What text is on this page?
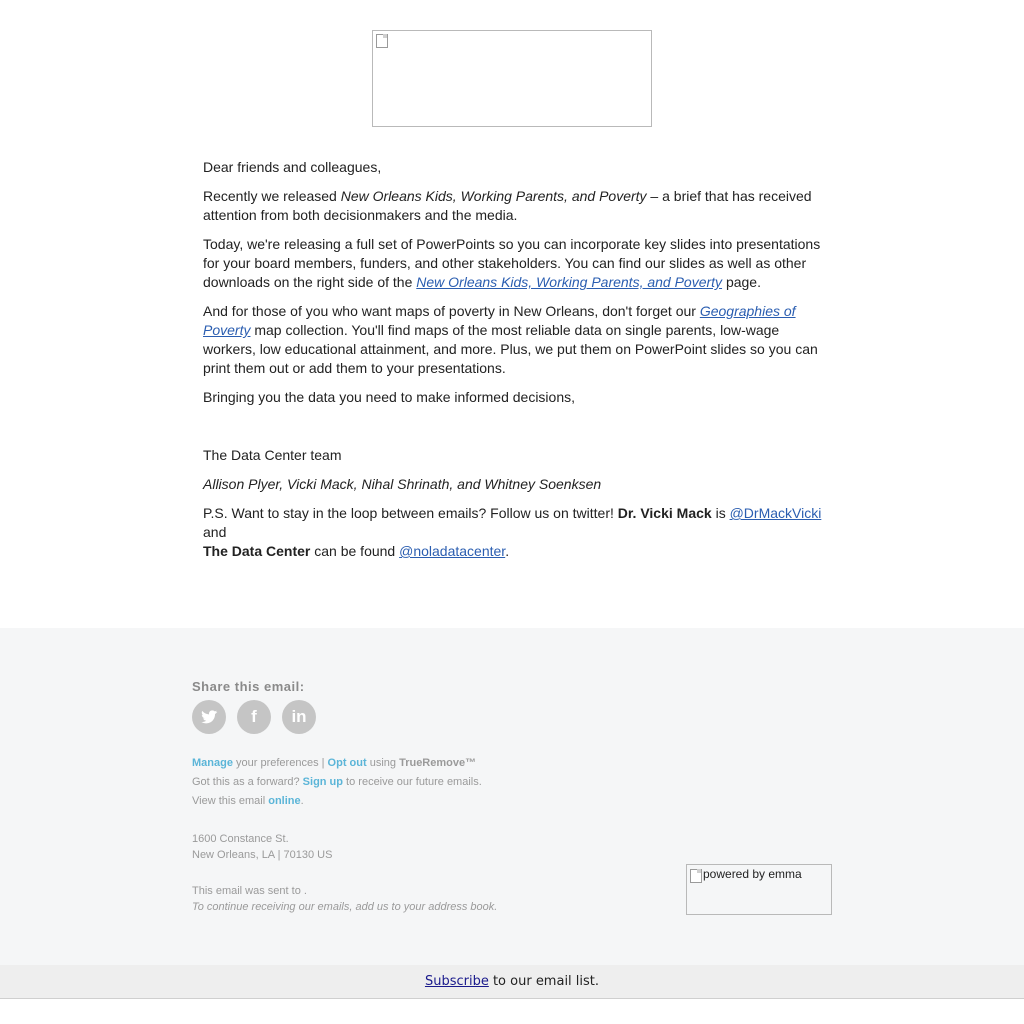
Dear friends and colleagues,

Recently we released New Orleans Kids, Working Parents, and Poverty – a brief that has received attention from both decisionmakers and the media.

Today, we're releasing a full set of PowerPoints so you can incorporate key slides into presentations for your board members, funders, and other stakeholders. You can find our slides as well as other downloads on the right side of the New Orleans Kids, Working Parents, and Poverty page.

And for those of you who want maps of poverty in New Orleans, don't forget our Geographies of Poverty map collection. You'll find maps of the most reliable data on single parents, low-wage workers, low educational attainment, and more. Plus, we put them on PowerPoint slides so you can print them out or add them to your presentations.

Bringing you the data you need to make informed decisions,

The Data Center team

Allison Plyer, Vicki Mack, Nihal Shrinath, and Whitney Soenksen

P.S. Want to stay in the loop between emails? Follow us on twitter! Dr. Vicki Mack is @DrMackVicki and
The Data Center can be found @noladatacenter.

Share this email:
f in
Manage your preferences | Opt out using TrueRemove™
Got this as a forward? Sign up to receive our future emails.
View this email online.
1600 Constance St.
New Orleans, LA | 70130 US
This email was sent to .
To continue receiving our emails, add us to your address book.
powered by emma
Subscribe to our email list.
